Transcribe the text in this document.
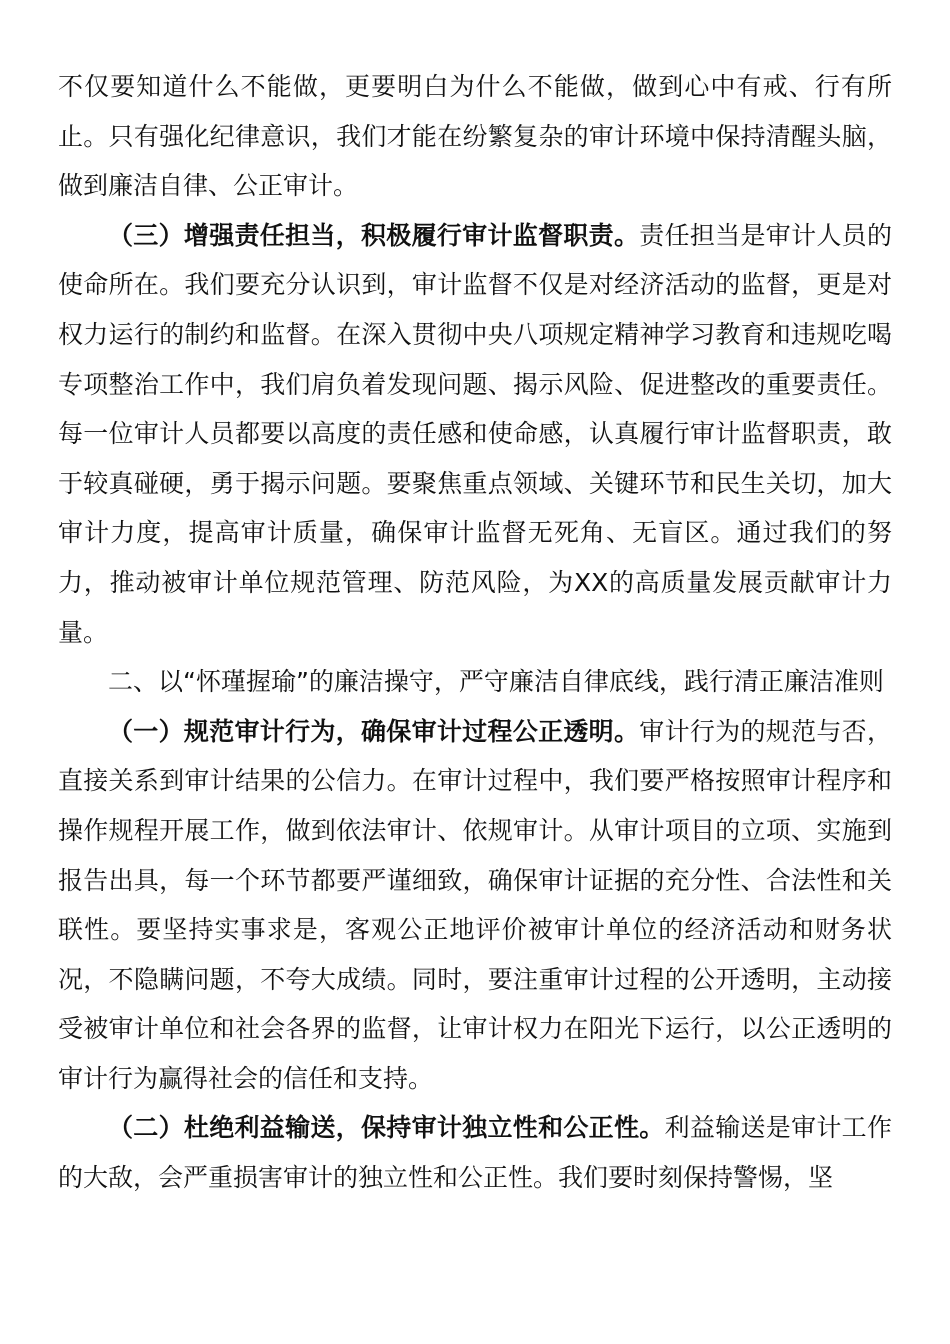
不仅要知道什么不能做，更要明白为什么不能做，做到心中有戒、行有所止。只有强化纪律意识，我们才能在纷繁复杂的审计环境中保持清醒头脑，做到廉洁自律、公正审计。

（三）增强责任担当，积极履行审计监督职责。责任担当是审计人员的使命所在。我们要充分认识到，审计监督不仅是对经济活动的监督，更是对权力运行的制约和监督。在深入贯彻中央八项规定精神学习教育和违规吃喝专项整治工作中，我们肩负着发现问题、揭示风险、促进整改的重要责任。每一位审计人员都要以高度的责任感和使命感，认真履行审计监督职责，敢于较真碰硬，勇于揭示问题。要聚焦重点领域、关键环节和民生关切，加大审计力度，提高审计质量，确保审计监督无死角、无盲区。通过我们的努力，推动被审计单位规范管理、防范风险，为XX的高质量发展贡献审计力量。

二、以“怀瑾握瑜”的廉洁操守，严守廉洁自律底线，践行清正廉洁准则

（一）规范审计行为，确保审计过程公正透明。审计行为的规范与否，直接关系到审计结果的公信力。在审计过程中，我们要严格按照审计程序和操作规程开展工作，做到依法审计、依规审计。从审计项目的立项、实施到报告出具，每一个环节都要严谨细致，确保审计证据的充分性、合法性和关联性。要坚持实事求是，客观公正地评价被审计单位的经济活动和财务状况，不隐瞒问题，不夸大成绩。同时，要注重审计过程的公开透明，主动接受被审计单位和社会各界的监督，让审计权力在阳光下运行，以公正透明的审计行为赢得社会的信任和支持。

（二）杜绝利益输送，保持审计独立性和公正性。利益输送是审计工作的大敌，会严重损害审计的独立性和公正性。我们要时刻保持警惕，坚
